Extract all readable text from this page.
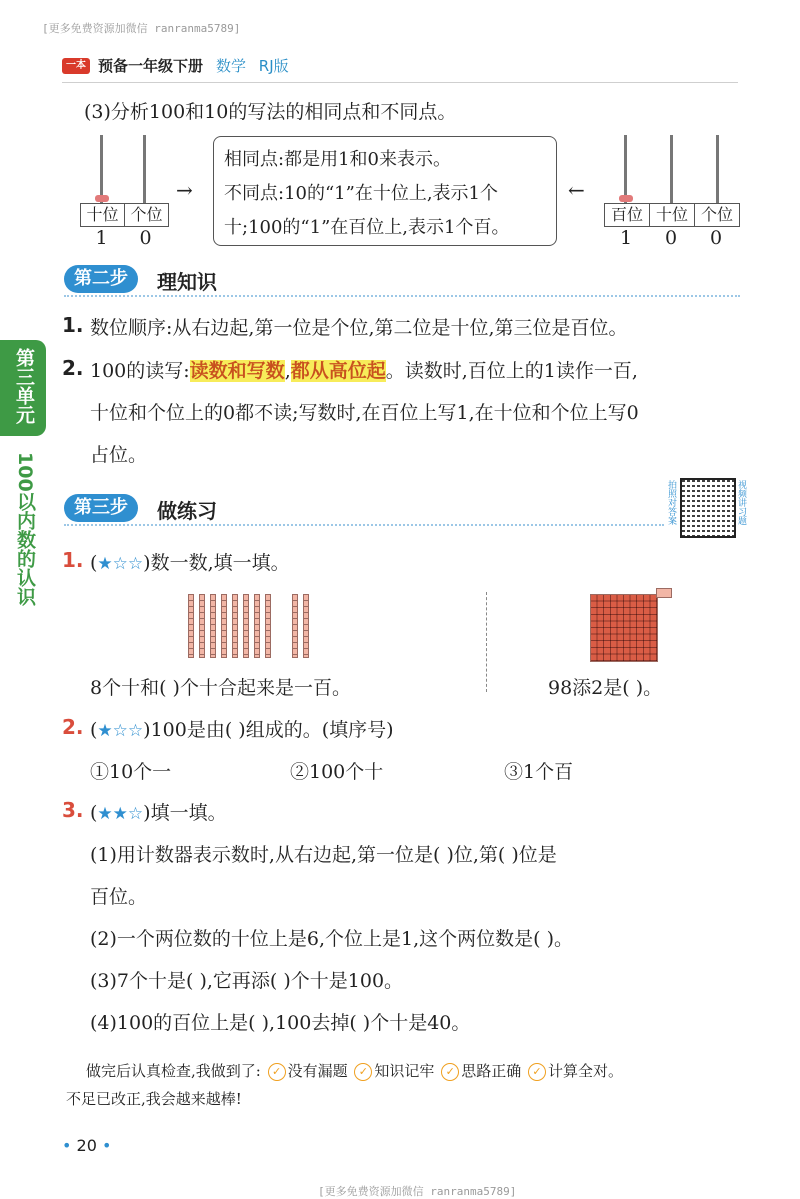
[更多免费资源加微信 ranranma5789]
一本 预备一年级下册 数学 RJ版
(3)分析100和10的写法的相同点和不同点。
十位 个位
1	0
→
相同点:都是用1和0来表示。
不同点:10的“1”在十位上,表示1个
十;100的“1”在百位上,表示1个百。
←
百位 十位 个位
1	0	0
第二步	理知识
1. 数位顺序:从右边起,第一位是个位,第二位是十位,第三位是百位。
2. 100的读写:读数和写数,都从高位起。读数时,百位上的1读作一百,
十位和个位上的0都不读;写数时,在百位上写1,在十位和个位上写0
占位。
第三单元
100以内数的认识	第三步	做练习	拍照对答案	视频讲习题
1. (★☆☆)数一数,填一填。
8个十和( )个十合起来是一百。	98添2是( )。
2. (★☆☆)100是由( )组成的。(填序号)
①10个一	②100个十	③1个百
3. (★★☆)填一填。
(1)用计数器表示数时,从右边起,第一位是( )位,第( )位是
百位。
(2)一个两位数的十位上是6,个位上是1,这个两位数是( )。
(3)7个十是( ),它再添( )个十是100。
(4)100的百位上是( ),100去掉( )个十是40。
做完后认真检查,我做到了: ✓ 没有漏题 ✓ 知识记牢 ✓ 思路正确 ✓ 计算全对。
不足已改正,我会越来越棒!
• 20 •
[更多免费资源加微信 ranranma5789]
